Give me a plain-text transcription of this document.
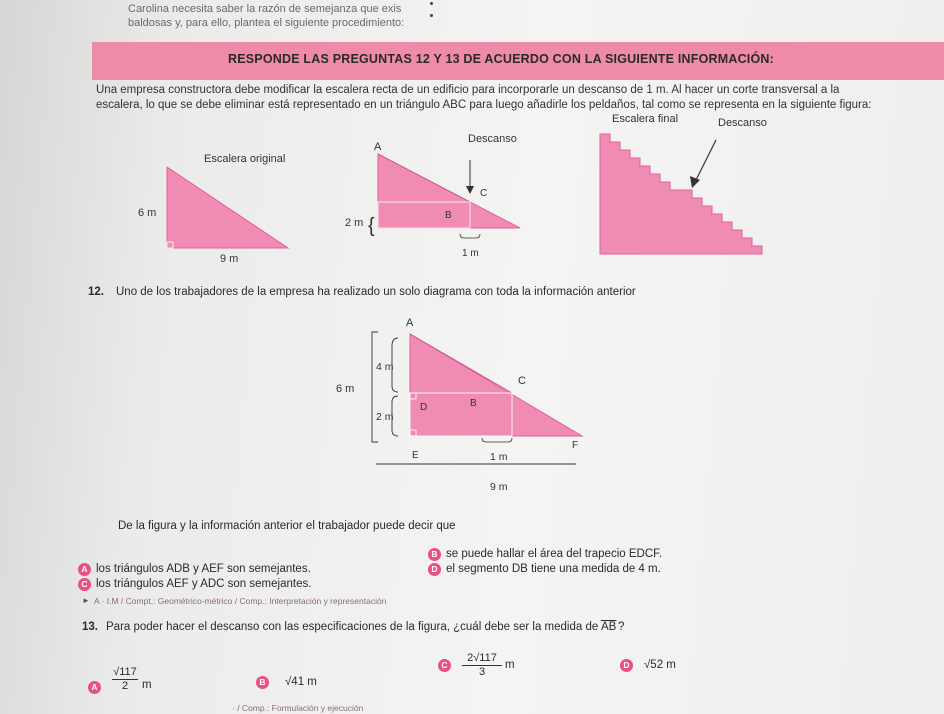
Carolina necesita saber la razón de semejanza que exis
baldosas y, para ello, plantea el siguiente procedimiento:
RESPONDE LAS PREGUNTAS 12 Y 13 DE ACUERDO CON LA SIGUIENTE INFORMACIÓN:
Una empresa constructora debe modificar la escalera recta de un edificio para incorporarle un descanso de 1 m. Al hacer un corte transversal a la
escalera, lo que se debe eliminar está representado en un triángulo ABC para luego añadirle los peldaños, tal como se representa en la siguiente figura:
Escalera original
6 m
9 m
A
Descanso
C
B
2 m {
1 m
Escalera final	Descanso
12. Uno de los trabajadores de la empresa ha realizado un solo diagrama con toda la información anterior
A
C
D	B
F
E
6 m
4 m
2 m
1 m
9 m
De la figura y la información anterior el trabajador puede decir que
A los triángulos ADB y AEF son semejantes.
C los triángulos AEF y ADC son semejantes.
B se puede hallar el área del trapecio EDCF.
D el segmento DB tiene una medida de 4 m.
► A · I.M / Compt.: Geométrico-métrico / Comp.: Interpretación y representación
13. Para poder hacer el descanso con las especificaciones de la figura, ¿cuál debe ser la medida de $\overline{AB}$ ?
A	$\frac{√117}{2}$ m	B √41 m
C	$\frac{2√117}{3}$ m	D √52 m
· / Comp.: Formulación y ejecución
